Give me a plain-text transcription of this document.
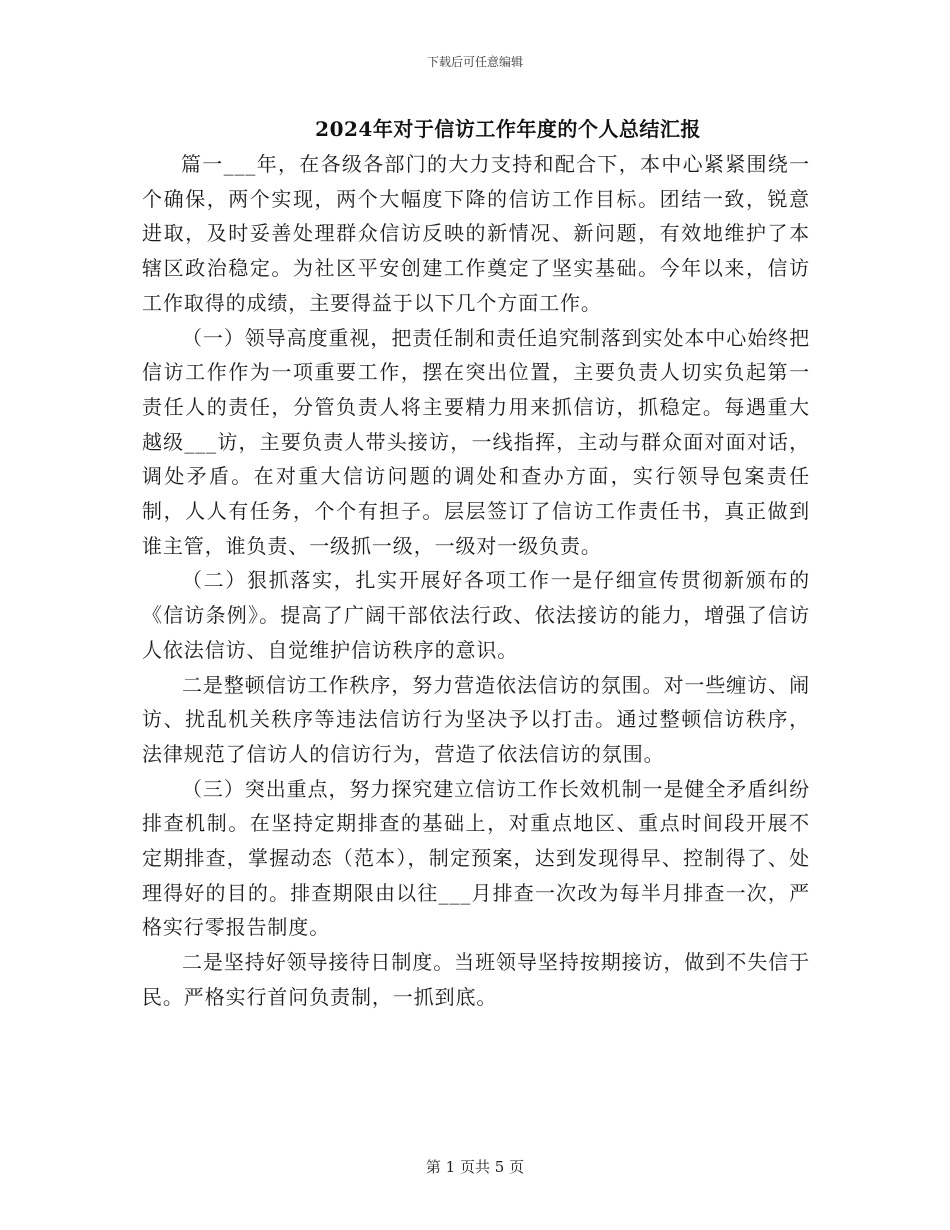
下载后可任意编辑
2024年对于信访工作年度的个人总结汇报

篇一___年，在各级各部门的大力支持和配合下，本中心紧紧围绕一个确保，两个实现，两个大幅度下降的信访工作目标。团结一致，锐意进取，及时妥善处理群众信访反映的新情况、新问题，有效地维护了本辖区政治稳定。为社区平安创建工作奠定了坚实基础。今年以来，信访工作取得的成绩，主要得益于以下几个方面工作。

（一）领导高度重视，把责任制和责任追究制落到实处本中心始终把信访工作作为一项重要工作，摆在突出位置，主要负责人切实负起第一责任人的责任，分管负责人将主要精力用来抓信访，抓稳定。每遇重大越级___访，主要负责人带头接访，一线指挥，主动与群众面对面对话，调处矛盾。在对重大信访问题的调处和查办方面，实行领导包案责任制，人人有任务，个个有担子。层层签订了信访工作责任书，真正做到谁主管，谁负责、一级抓一级，一级对一级负责。

（二）狠抓落实，扎实开展好各项工作一是仔细宣传贯彻新颁布的《信访条例》。提高了广阔干部依法行政、依法接访的能力，增强了信访人依法信访、自觉维护信访秩序的意识。

二是整顿信访工作秩序，努力营造依法信访的氛围。对一些缠访、闹访、扰乱机关秩序等违法信访行为坚决予以打击。通过整顿信访秩序，法律规范了信访人的信访行为，营造了依法信访的氛围。

（三）突出重点，努力探究建立信访工作长效机制一是健全矛盾纠纷排查机制。在坚持定期排查的基础上，对重点地区、重点时间段开展不定期排查，掌握动态（范本），制定预案，达到发现得早、控制得了、处理得好的目的。排查期限由以往___月排查一次改为每半月排查一次，严格实行零报告制度。

二是坚持好领导接待日制度。当班领导坚持按期接访，做到不失信于民。严格实行首问负责制，一抓到底。

第 1 页共 5 页
